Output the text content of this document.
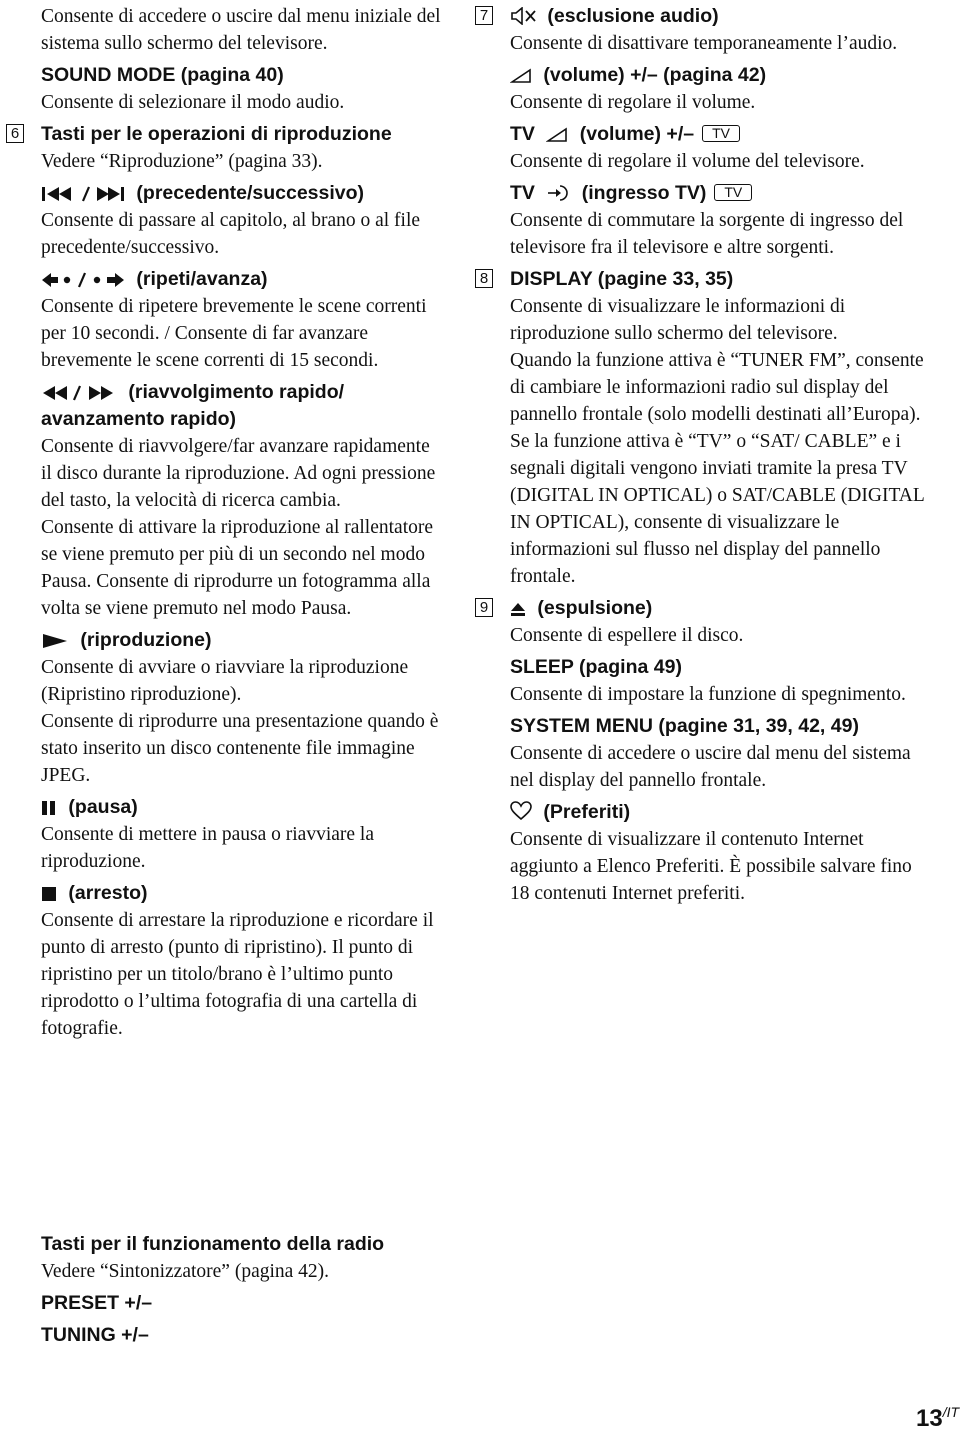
Consente di accedere o uscire dal menu iniziale del sistema sullo schermo del televisore.
SOUND MODE (pagina 40)
Consente di selezionare il modo audio.
6 Tasti per le operazioni di riproduzione
Vedere “Riproduzione” (pagina 33).
(precedente/successivo)
Consente di passare al capitolo, al brano o al file precedente/successivo.
(ripeti/avanza)
Consente di ripetere brevemente le scene correnti per 10 secondi. / Consente di far avanzare brevemente le scene correnti di 15 secondi.
(riavvolgimento rapido/ avanzamento rapido)
Consente di riavvolgere/far avanzare rapidamente il disco durante la riproduzione. Ad ogni pressione del tasto, la velocità di ricerca cambia.
Consente di attivare la riproduzione al rallentatore se viene premuto per più di un secondo nel modo Pausa. Consente di riprodurre un fotogramma alla volta se viene premuto nel modo Pausa.
(riproduzione)
Consente di avviare o riavviare la riproduzione (Ripristino riproduzione).
Consente di riprodurre una presentazione quando è stato inserito un disco contenente file immagine JPEG.
(pausa)
Consente di mettere in pausa o riavviare la riproduzione.
(arresto)
Consente di arrestare la riproduzione e ricordare il punto di arresto (punto di ripristino). Il punto di ripristino per un titolo/brano è l’ultimo punto riprodotto o l’ultima fotografia di una cartella di fotografie.
7	(esclusione audio)
Consente di disattivare temporaneamente l’audio.
(volume) +/– (pagina 42)
Consente di regolare il volume.
TV  (volume) +/– TV
Consente di regolare il volume del televisore.
TV  (ingresso TV) TV
Consente di commutare la sorgente di ingresso del televisore fra il televisore e altre sorgenti.
8 DISPLAY (pagine 33, 35)
Consente di visualizzare le informazioni di riproduzione sullo schermo del televisore.
Quando la funzione attiva è “TUNER FM”, consente di cambiare le informazioni radio sul display del pannello frontale (solo modelli destinati all’Europa).
Se la funzione attiva è “TV” o “SAT/ CABLE” e i segnali digitali vengono inviati tramite la presa TV (DIGITAL IN OPTICAL) o SAT/CABLE (DIGITAL IN OPTICAL), consente di visualizzare le informazioni sul flusso nel display del pannello frontale.
9 (espulsione)
Consente di espellere il disco.
SLEEP (pagina 49)
Consente di impostare la funzione di spegnimento.
SYSTEM MENU (pagine 31, 39, 42, 49)
Consente di accedere o uscire dal menu del sistema nel display del pannello frontale.
(Preferiti)
Consente di visualizzare il contenuto Internet aggiunto a Elenco Preferiti. È possibile salvare fino 18 contenuti Internet preferiti.
Tasti per il funzionamento della radio
Vedere “Sintonizzatore” (pagina 42).
PRESET +/–
TUNING +/–
$13^{/IT}$
